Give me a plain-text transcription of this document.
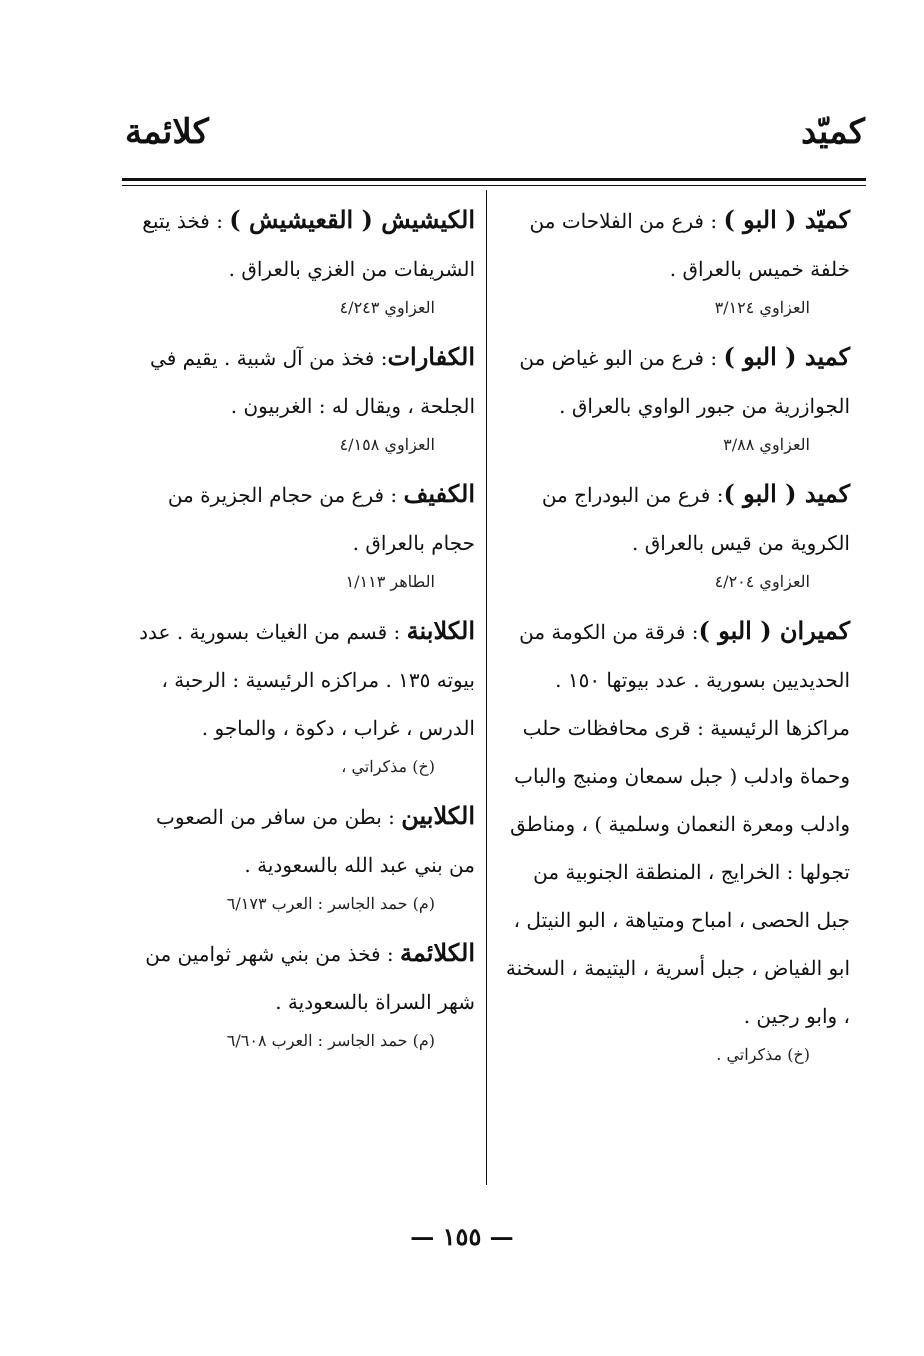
كميّد
كلائمة

كميّد ( البو ) : فرع من الفلاحات من خلفة خميس بالعراق .

العزاوي ٣/١٢٤

كميد ( البو ) : فرع من البو غياض من الجوازرية من جبور الواوي بالعراق .

العزاوي ٣/٨٨

كميد ( البو ): فرع من البودراج من الكروية من قيس بالعراق .

العزاوي ٤/٢٠٤

كميران ( البو ): فرقة من الكومة من الحديديين بسورية . عدد بيوتها ١٥٠ . مراكزها الرئيسية : قرى محافظات حلب وحماة وادلب ( جبل سمعان ومنبج والباب وادلب ومعرة النعمان وسلمية ) ، ومناطق تجولها : الخرايج ، المنطقة الجنوبية من جبل الحصى ، امباح ومتياهة ، البو النيتل ، ابو الفياض ، جبل أسرية ، اليتيمة ، السخنة ، وابو رجين .

(خ) مذكراتي .

الكيشيش ( القعيشيش ) : فخذ يتبع الشريفات من الغزي بالعراق .

العزاوي ٤/٢٤٣

الكفارات: فخذ من آل شبية . يقيم في الجلحة ، ويقال له : الغربيون .

العزاوي ٤/١٥٨

الكفيف : فرع من حجام الجزيرة من حجام بالعراق .

الطاهر ١/١١٣

الكلابنة : قسم من الغياث بسورية . عدد بيوته ١٣٥ . مراكزه الرئيسية : الرحبة ، الدرس ، غراب ، دكوة ، والماجو .

(خ) مذكراتي ،

الكلابين : بطن من سافر من الصعوب من بني عبد الله بالسعودية .

(م) حمد الجاسر : العرب ٦/١٧٣

الكلائمة : فخذ من بني شهر ثوامين من شهر السراة بالسعودية .

(م) حمد الجاسر : العرب ٦/٦٠٨
— ١٥٥ —
